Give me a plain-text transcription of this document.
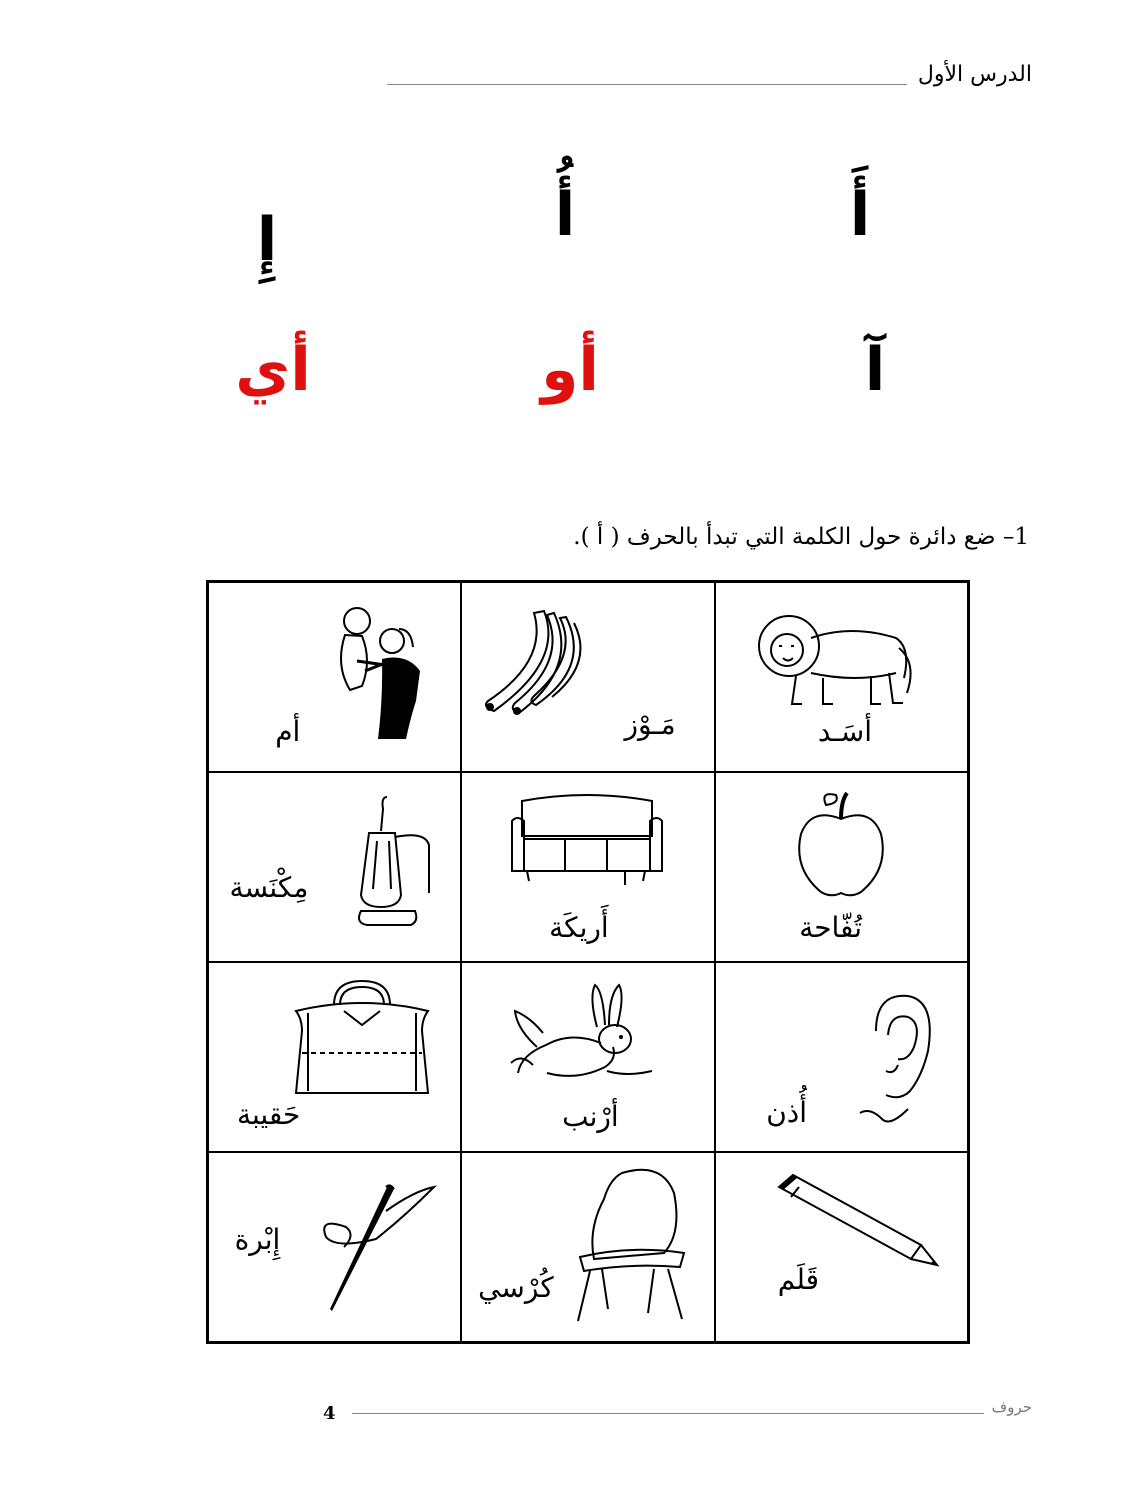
الدرس الأول
أَ
أُ
إِ
آ
أو
أي
1– ضع دائرة حول الكلمة التي تبدأ بالحرف ( أ ).
أسَـد
مَـوْز
أم
تُفّاحة
أَريكَة
مِكْنَسة
أُذن
أرْنب
حَقيبة
قَلَم
كُرْسي
إِبْرة
حروف
4
